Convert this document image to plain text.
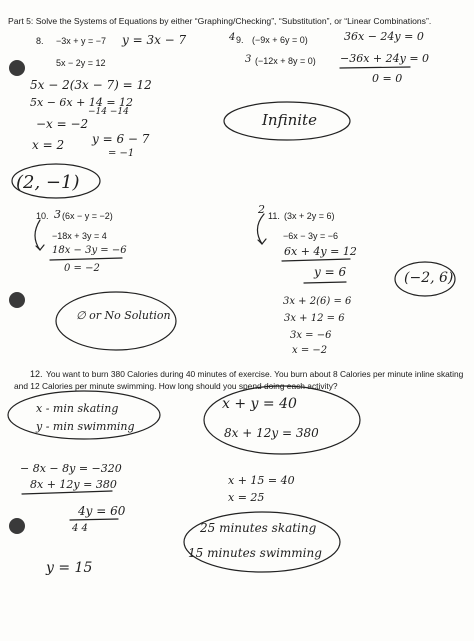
Part 5: Solve the Systems of Equations by either “Graphing/Checking”, “Substitution”, or “Linear Combinations”.
8. −3x + y = −7
5x − 2y = 12
y = 3x − 7
5x − 2(3x − 7) = 12
5x − 6x + 14 = 12
−14 −14
−x = −2
x = 2 y = 6 − 7
= −1
(2, −1)
4 9. (−9x + 6y = 0)
3 (−12x + 8y = 0)
36x − 24y = 0
−36x + 24y = 0
0 = 0
Infinite
10. 3 (6x − y = −2)
−18x + 3y = 4
18x − 3y = −6
0 = −2
∅ or No Solution
2 11. (3x + 2y = 6)
−6x − 3y = −6
6x + 4y = 12
y = 6
3x + 2(6) = 6
3x + 12 = 6
3x = −6
x = −2
(−2, 6)
12. You want to burn 380 Calories during 40 minutes of exercise. You burn about 8 Calories per minute inline skating
and 12 Calories per minute swimming. How long should you spend doing each activity?
x - min skating
y - min swimming
x + y = 40
8x + 12y = 380
− 8x − 8y = −320
8x + 12y = 380
4y = 60
4 4
y = 15
x + 15 = 40
x = 25
25 minutes skating
15 minutes swimming
